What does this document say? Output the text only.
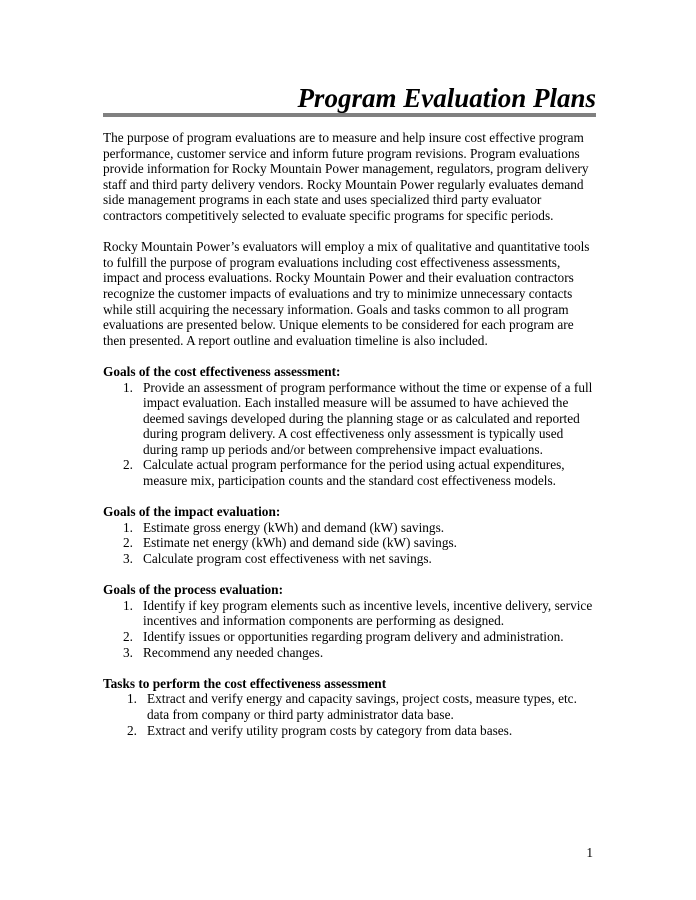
Program Evaluation Plans

The purpose of program evaluations are to measure and help insure cost effective program performance, customer service and inform future program revisions. Program evaluations provide information for Rocky Mountain Power management, regulators, program delivery staff and third party delivery vendors. Rocky Mountain Power regularly evaluates demand side management programs in each state and uses specialized third party evaluator contractors competitively selected to evaluate specific programs for specific periods.

Rocky Mountain Power’s evaluators will employ a mix of qualitative and quantitative tools to fulfill the purpose of program evaluations including cost effectiveness assessments, impact and process evaluations. Rocky Mountain Power and their evaluation contractors recognize the customer impacts of evaluations and try to minimize unnecessary contacts while still acquiring the necessary information. Goals and tasks common to all program evaluations are presented below. Unique elements to be considered for each program are then presented. A report outline and evaluation timeline is also included.

Goals of the cost effectiveness assessment:

1. Provide an assessment of program performance without the time or expense of a full impact evaluation. Each installed measure will be assumed to have achieved the deemed savings developed during the planning stage or as calculated and reported during program delivery. A cost effectiveness only assessment is typically used during ramp up periods and/or between comprehensive impact evaluations.
2. Calculate actual program performance for the period using actual expenditures, measure mix, participation counts and the standard cost effectiveness models.

Goals of the impact evaluation:

1. Estimate gross energy (kWh) and demand (kW) savings.
2. Estimate net energy (kWh) and demand side (kW) savings.
3. Calculate program cost effectiveness with net savings.

Goals of the process evaluation:

1. Identify if key program elements such as incentive levels, incentive delivery, service incentives and information components are performing as designed.
2. Identify issues or opportunities regarding program delivery and administration.
3. Recommend any needed changes.

Tasks to perform the cost effectiveness assessment

1. Extract and verify energy and capacity savings, project costs, measure types, etc. data from company or third party administrator data base.
2. Extract and verify utility program costs by category from data bases.
1
